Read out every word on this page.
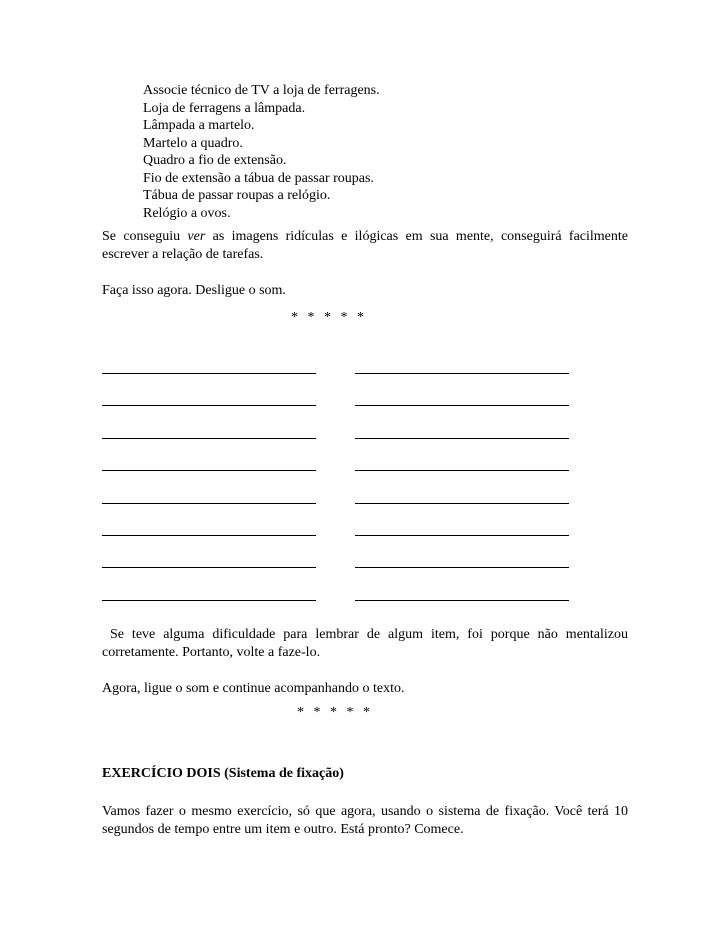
Associe técnico de TV a loja de ferragens.
Loja de ferragens a lâmpada.
Lâmpada a martelo.
Martelo a quadro.
Quadro a fio de extensão.
Fio de extensão a tábua de passar roupas.
Tábua de passar roupas a relógio.
Relógio a ovos.
Se conseguiu ver as imagens ridículas e ilógicas em sua mente, conseguirá facilmente escrever a relação de tarefas.
Faça isso agora. Desligue o som.
* * * * *
Se teve alguma dificuldade para lembrar de algum item, foi porque não mentalizou corretamente. Portanto, volte a faze-lo.
Agora, ligue o som e continue acompanhando o texto.
* * * * *
EXERCÍCIO DOIS (Sistema de fixação)
Vamos fazer o mesmo exercício, só que agora, usando o sistema de fixação. Você terá 10 segundos de tempo entre um item e outro. Está pronto? Comece.
